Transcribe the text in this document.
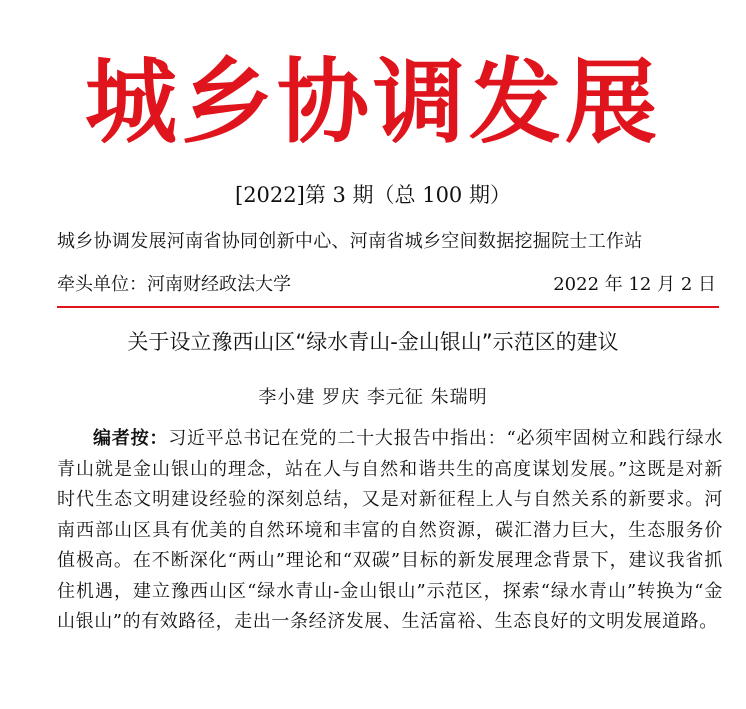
城乡协调发展
[2022]第 3 期（总 100 期）
城乡协调发展河南省协同创新中心、河南省城乡空间数据挖掘院士工作站
牵头单位：河南财经政法大学	2022 年 12 月 2 日
关于设立豫西山区“绿水青山-金山银山”示范区的建议
李小建 罗庆 李元征 朱瑞明

编者按：习近平总书记在党的二十大报告中指出：“必须牢固树立和践行绿水青山就是金山银山的理念，站在人与自然和谐共生的高度谋划发展。”这既是对新时代生态文明建设经验的深刻总结，又是对新征程上人与自然关系的新要求。河南西部山区具有优美的自然环境和丰富的自然资源，碳汇潜力巨大，生态服务价值极高。在不断深化“两山”理论和“双碳”目标的新发展理念背景下，建议我省抓住机遇，建立豫西山区“绿水青山-金山银山”示范区，探索“绿水青山”转换为“金山银山”的有效路径，走出一条经济发展、生活富裕、生态良好的文明发展道路。
